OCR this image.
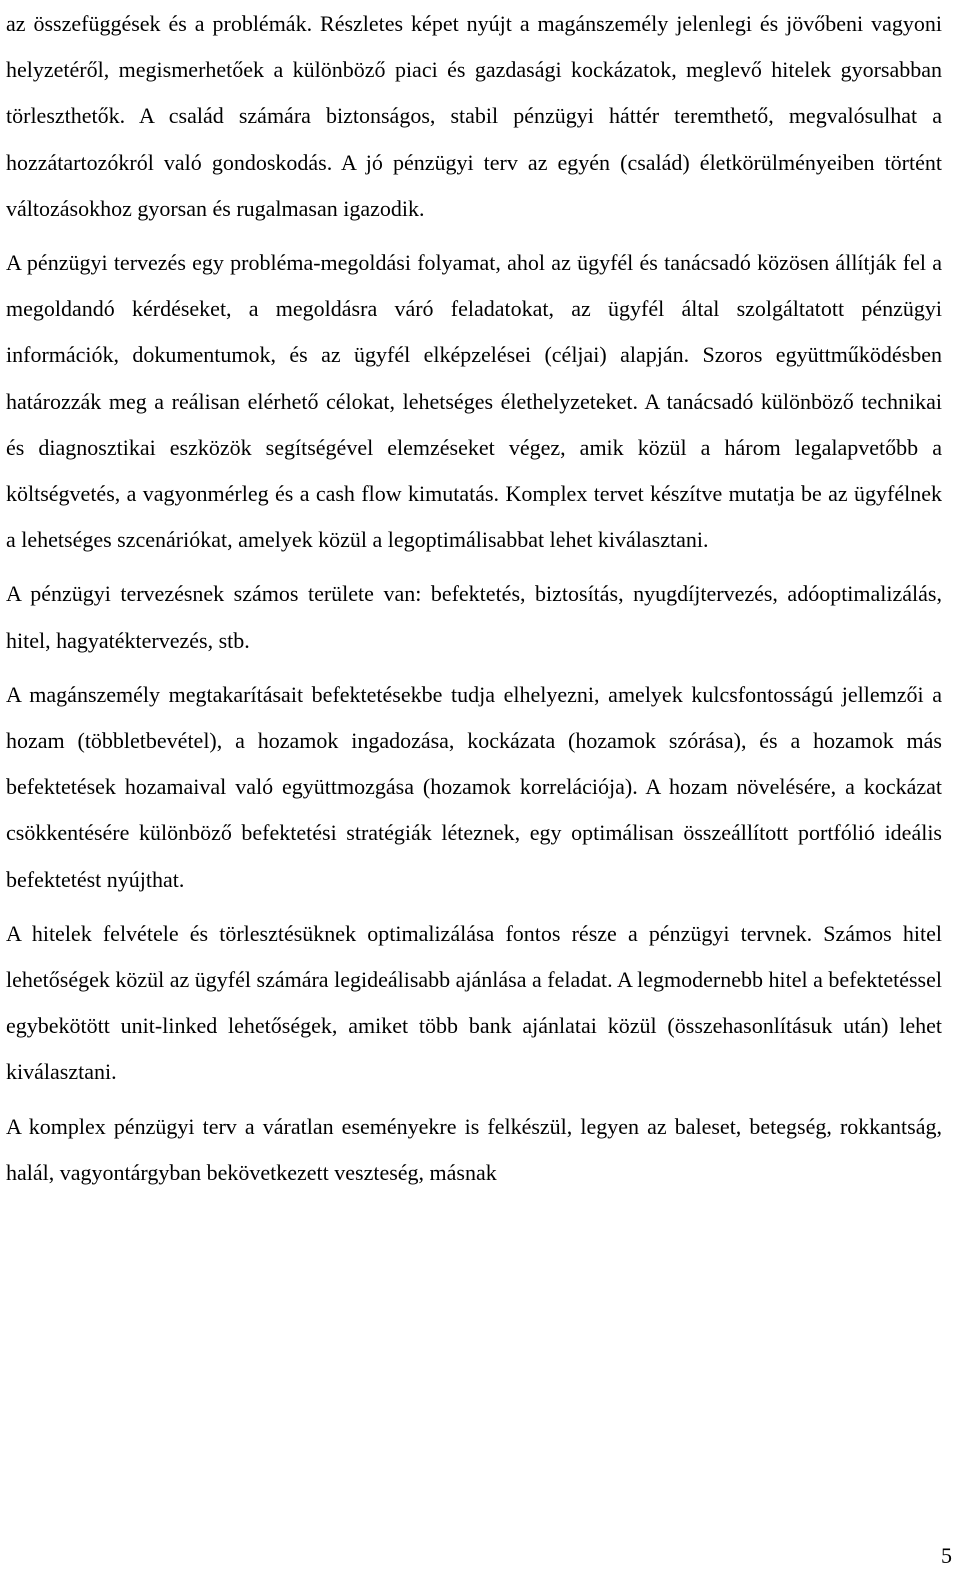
az összefüggések és a problémák. Részletes képet nyújt a magánszemély jelenlegi és jövőbeni vagyoni helyzetéről, megismerhetőek a különböző piaci és gazdasági kockázatok, meglevő hitelek gyorsabban törleszthetők. A család számára biztonságos, stabil pénzügyi háttér teremthető, megvalósulhat a hozzátartozókról való gondoskodás. A jó pénzügyi terv az egyén (család) életkörülményeiben történt változásokhoz gyorsan és rugalmasan igazodik.

A pénzügyi tervezés egy probléma-megoldási folyamat, ahol az ügyfél és tanácsadó közösen állítják fel a megoldandó kérdéseket, a megoldásra váró feladatokat, az ügyfél által szolgáltatott pénzügyi információk, dokumentumok, és az ügyfél elképzelései (céljai) alapján. Szoros együttműködésben határozzák meg a reálisan elérhető célokat, lehetséges élethelyzeteket. A tanácsadó különböző technikai és diagnosztikai eszközök segítségével elemzéseket végez, amik közül a három legalapvetőbb a költségvetés, a vagyonmérleg és a cash flow kimutatás. Komplex tervet készítve mutatja be az ügyfélnek a lehetséges szcenáriókat, amelyek közül a legoptimálisabbat lehet kiválasztani.

A pénzügyi tervezésnek számos területe van: befektetés, biztosítás, nyugdíjtervezés, adóoptimalizálás, hitel, hagyatéktervezés, stb.

A magánszemély megtakarításait befektetésekbe tudja elhelyezni, amelyek kulcsfontosságú jellemzői a hozam (többletbevétel), a hozamok ingadozása, kockázata (hozamok szórása), és a hozamok más befektetések hozamaival való együttmozgása (hozamok korrelációja). A hozam növelésére, a kockázat csökkentésére különböző befektetési stratégiák léteznek, egy optimálisan összeállított portfólió ideális befektetést nyújthat.

A hitelek felvétele és törlesztésüknek optimalizálása fontos része a pénzügyi tervnek. Számos hitel lehetőségek közül az ügyfél számára legideálisabb ajánlása a feladat. A legmodernebb hitel a befektetéssel egybekötött unit-linked lehetőségek, amiket több bank ajánlatai közül (összehasonlításuk után) lehet kiválasztani.

A komplex pénzügyi terv a váratlan eseményekre is felkészül, legyen az baleset, betegség, rokkantság, halál, vagyontárgyban bekövetkezett veszteség, másnak

5
